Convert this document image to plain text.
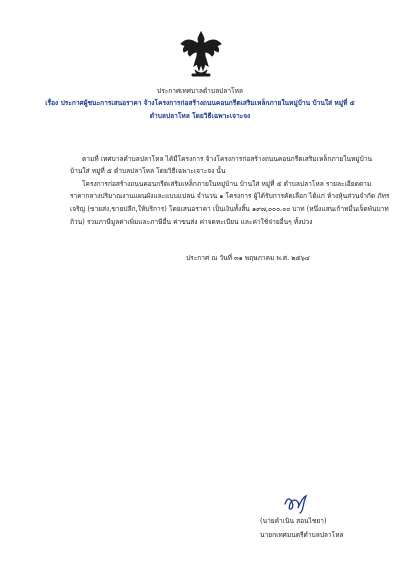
ประกาศเทศบาลตำบลปลาโหล
เรื่อง ประกาศผู้ชนะการเสนอราคา จ้างโครงการก่อสร้างถนนคอนกรีตเสริมเหล็กภายในหมู่บ้าน บ้านใส่ หมู่ที่ ๕
ตำบลปลาโหล โดยวิธีเฉพาะเจาะจง
ตามที่ เทศบาลตำบลปลาโหล ได้มีโครงการ จ้างโครงการก่อสร้างถนนคอนกรีตเสริมเหล็กภายในหมู่บ้าน
บ้านใส่ หมู่ที่ ๕ ตำบลปลาโหล โดยวิธีเฉพาะเจาะจง นั้น
โครงการก่อสร้างถนนคอนกรีตเสริมเหล็กภายในหมู่บ้าน บ้านใส่ หมู่ที่ ๕ ตำบลปลาโหล รายละเอียดตาม
ราคากลางปริมาณงานแผนผังและแบบแปลน จำนวน ๑ โครงการ ผู้ได้รับการคัดเลือก ได้แก่ ห้างหุ้นส่วนจำกัด ภัทร
เจริญ (ขายส่ง,ขายปลีก,ให้บริการ) โดยเสนอราคา เป็นเงินทั้งสิ้น ๑๙๗,๐๐๐.๐๐ บาท (หนึ่งแสนเก้าหมื่นเจ็ดพันบาท
ถ้วน) รวมภาษีมูลค่าเพิ่มและภาษีอื่น ค่าขนส่ง ค่าจดทะเบียน และค่าใช้จ่ายอื่นๆ ทั้งปวง
ประกาศ ณ วันที่ ๓๑ พฤษภาคม พ.ศ. ๒๕๖๔
(นายคำเนิน สอนไชยา)
นายกเทศมนตรีตำบลปลาโหล
